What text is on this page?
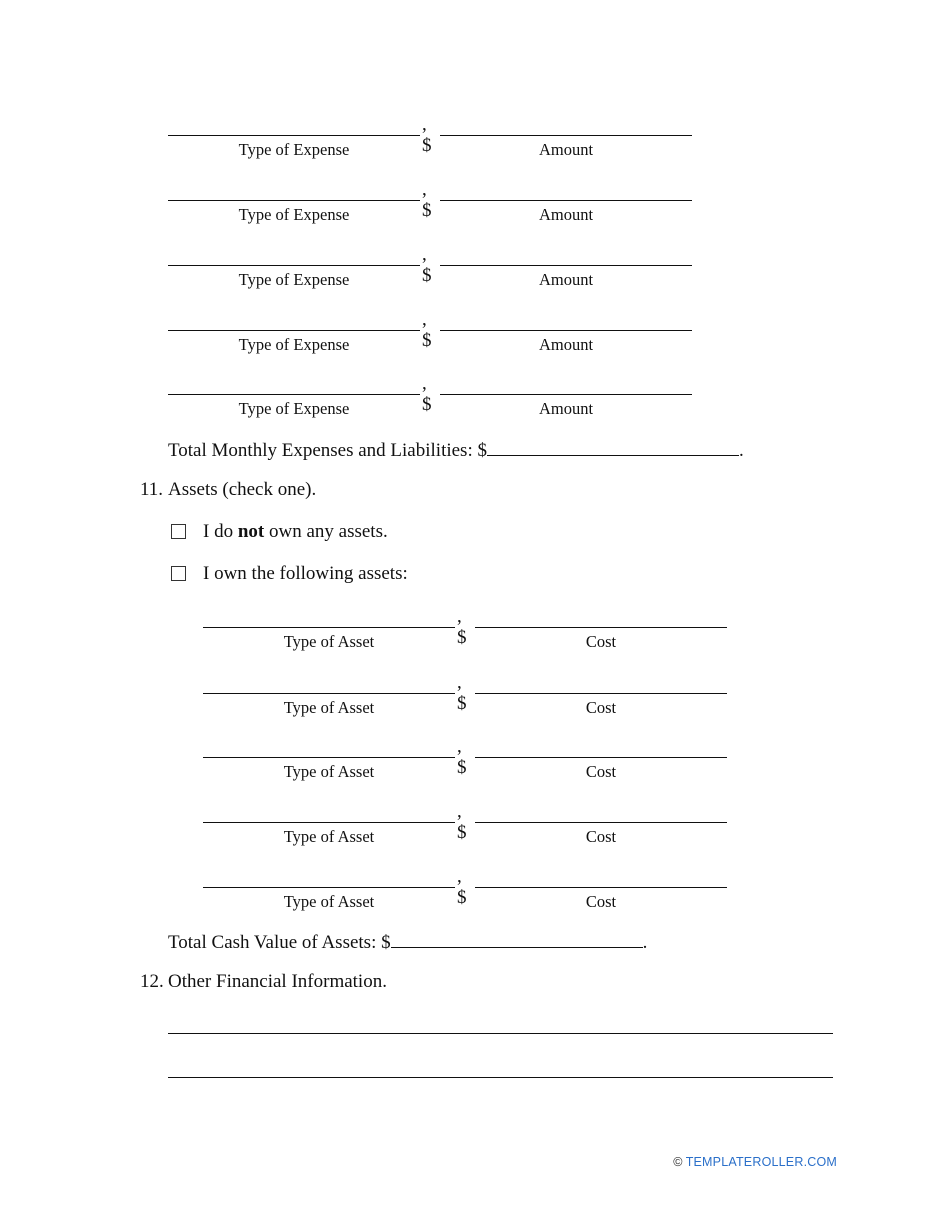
, $
Type of Expense	Amount
, $
Type of Expense	Amount
, $
Type of Expense	Amount
, $
Type of Expense	Amount
, $
Type of Expense	Amount
Total Monthly Expenses and Liabilities: $	.
11. Assets (check one).
I do not own any assets.
I own the following assets:
, $
Type of Asset	Cost
, $
Type of Asset	Cost
, $
Type of Asset	Cost
, $
Type of Asset	Cost
, $
Type of Asset	Cost
Total Cash Value of Assets: $	.
12. Other Financial Information.
© TEMPLATEROLLER.COM
